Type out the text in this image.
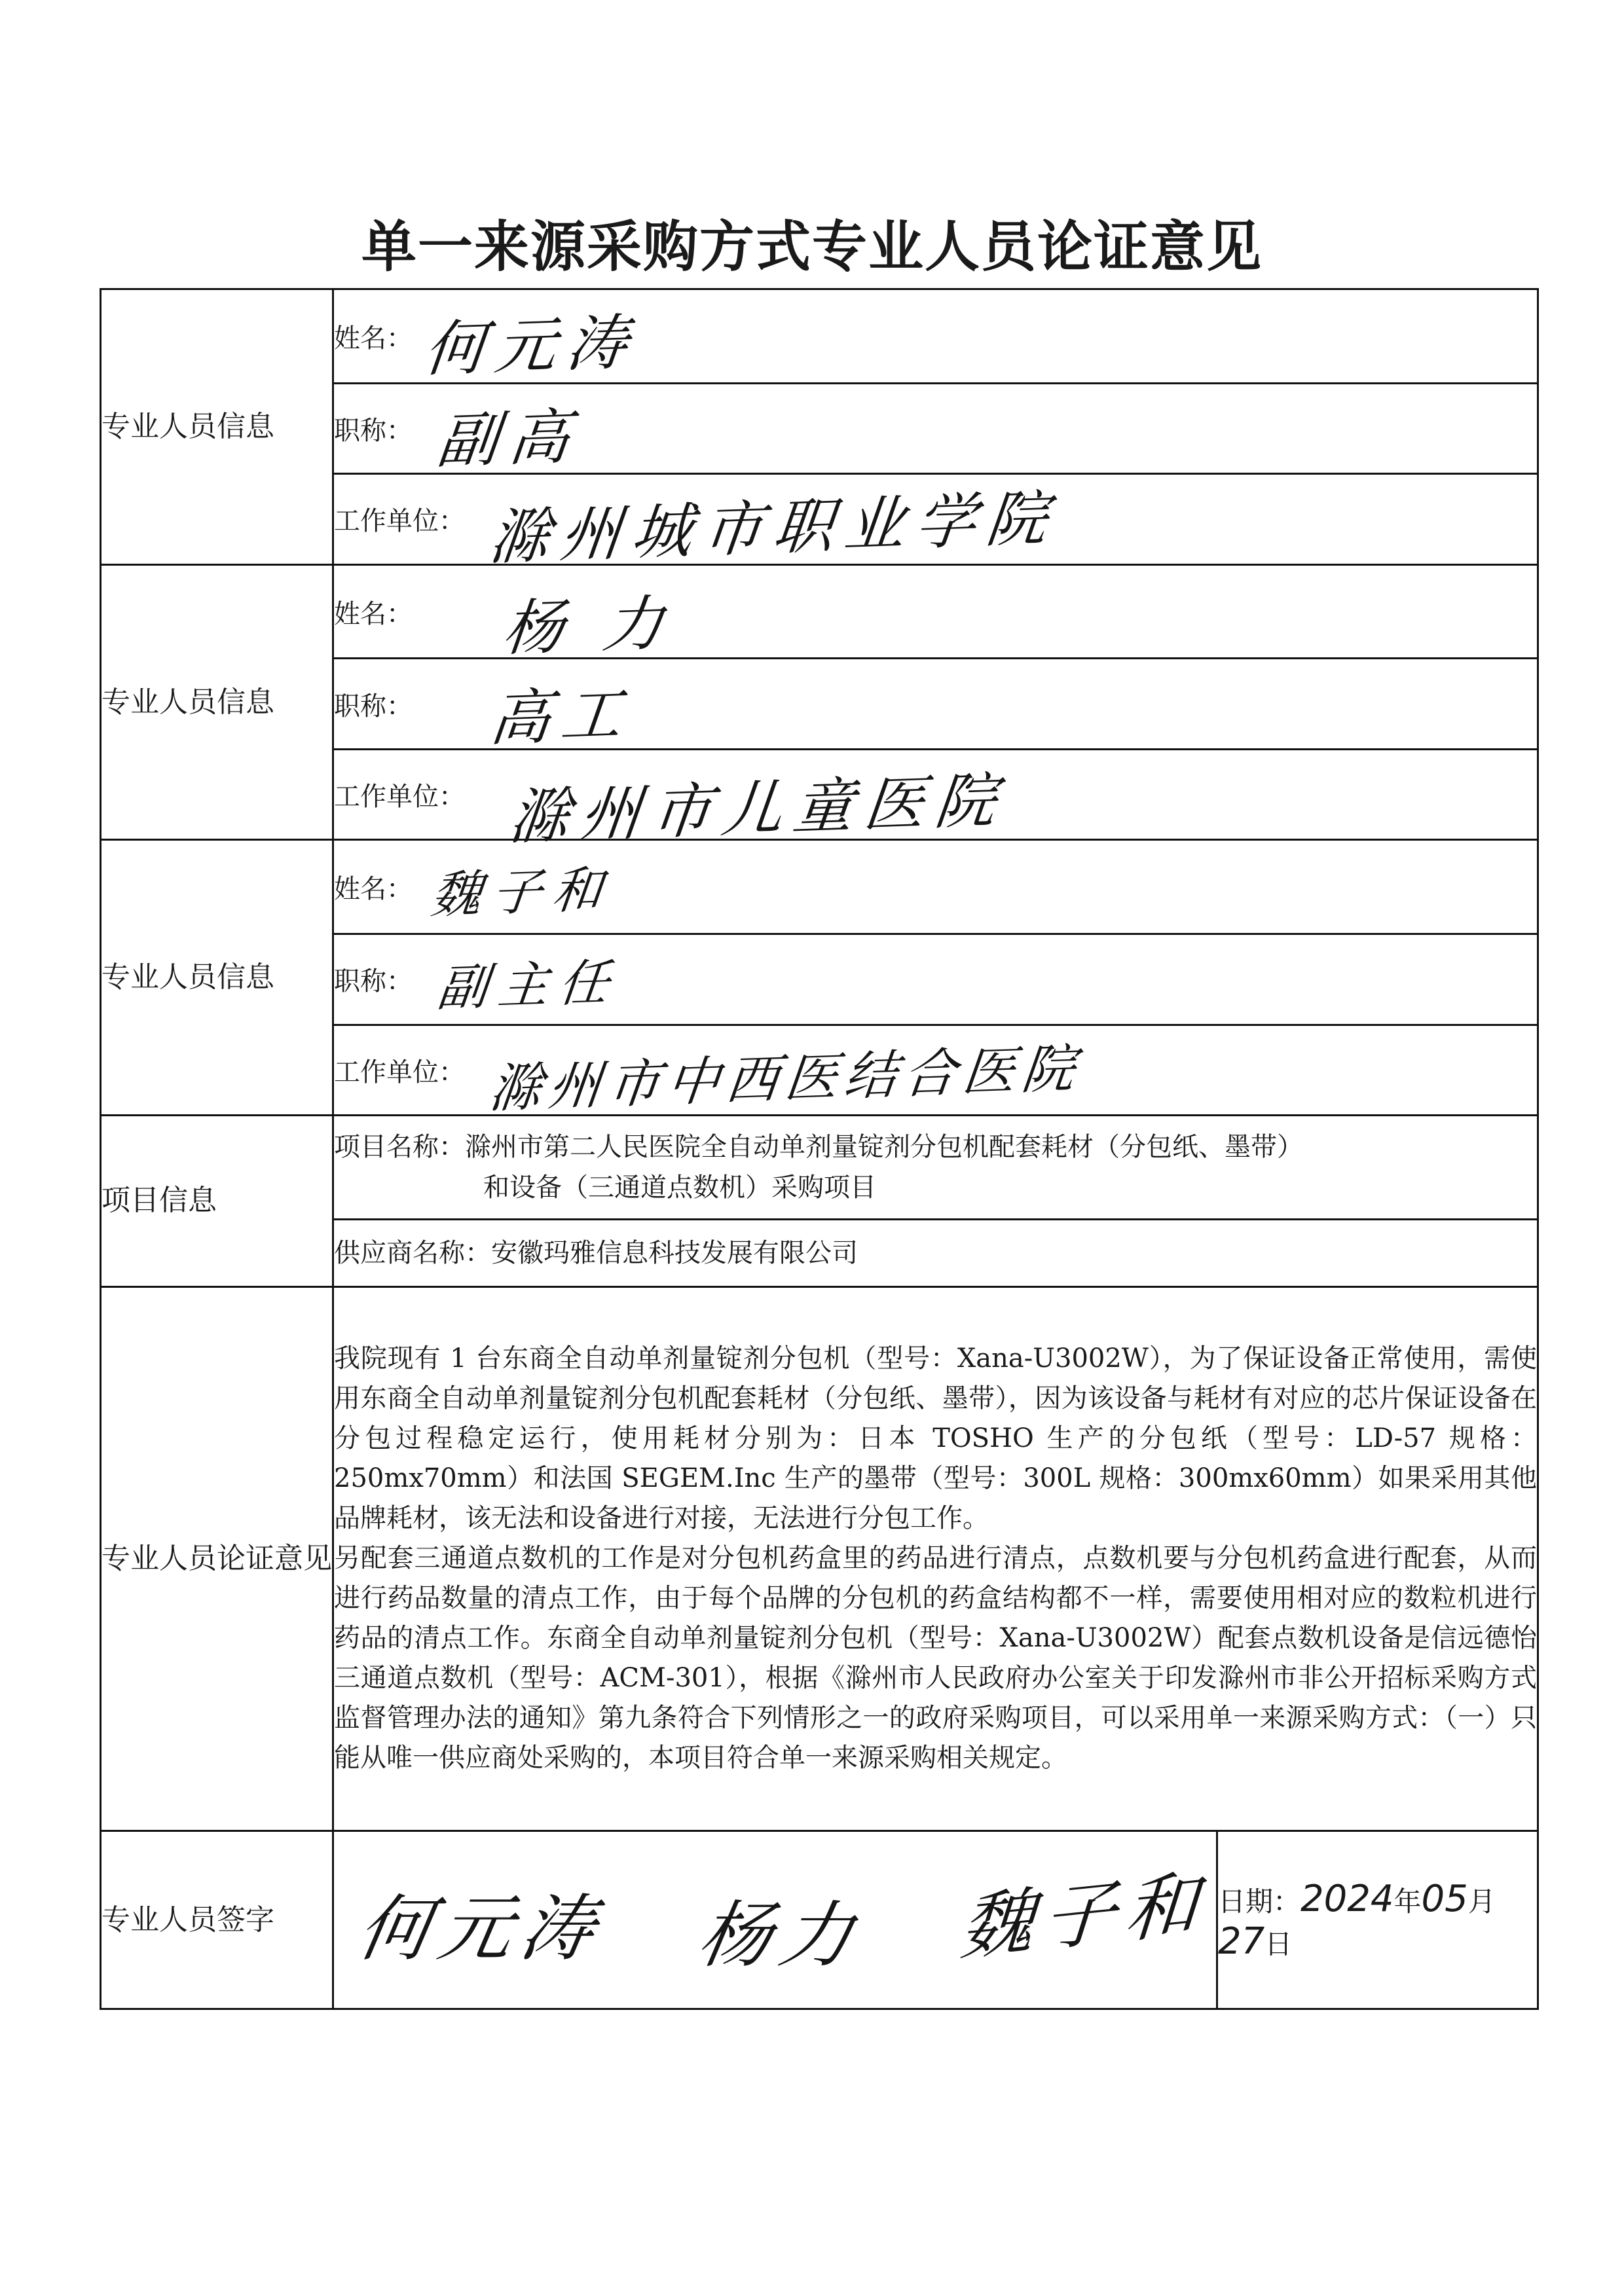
单一来源采购方式专业人员论证意见
专业人员信息	姓名： 何元涛	

	职称： 副高	

	工作单位： 滁州城市职业学院	

专业人员信息	姓名： 杨力	

	职称： 高工	

	工作单位： 滁州市儿童医院	

专业人员信息	姓名： 魏子和	

	职称： 副主任	

	工作单位： 滁州市中西医结合医院	

项目信息	项目名称：滁州市第二人民医院全自动单剂量锭剂分包机配套耗材（分包纸、墨带）
和设备（三通道点数机）采购项目	

	供应商名称：安徽玛雅信息科技发展有限公司	
专业人员论证意见	我院现有 1 台东商全自动单剂量锭剂分包机（型号：Xana-U3002W），为了保证设备正常使用，需使用东商全自动单剂量锭剂分包机配套耗材（分包纸、墨带），因为该设备与耗材有对应的芯片保证设备在分包过程稳定运行，使用耗材分别为：日本 TOSHO 生产的分包纸（型号：LD-57 规格：250mx70mm）和法国 SEGEM.Inc 生产的墨带（型号：300L 规格：300mx60mm）如果采用其他品牌耗材，该无法和设备进行对接，无法进行分包工作。

另配套三通道点数机的工作是对分包机药盒里的药品进行清点，点数机要与分包机药盒进行配套，从而进行药品数量的清点工作，由于每个品牌的分包机的药盒结构都不一样，需要使用相对应的数粒机进行药品的清点工作。东商全自动单剂量锭剂分包机（型号：Xana-U3002W）配套点数机设备是信远德怡三通道点数机（型号：ACM-301），根据《滁州市人民政府办公室关于印发滁州市非公开招标采购方式监督管理办法的通知》第九条符合下列情形之一的政府采购项目，可以采用单一来源采购方式：（一）只能从唯一供应商处采购的，本项目符合单一来源采购相关规定。	

专业人员签字	何元涛 杨力 魏子和	日期：2024年05月27日
